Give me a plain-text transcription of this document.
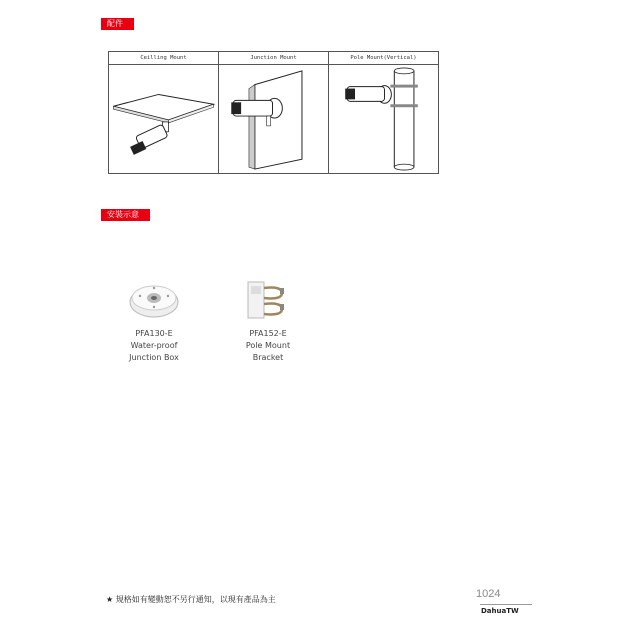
配件
Ceilling Mount	Junction Mount	Pole Mount(Vertical)
安裝示意圖
PFA130-E
Water-proof
Junction Box
PFA152-E
Pole Mount
Bracket
★ 規格如有變動恕不另行通知，以現有產品為主	1024
DahuaTW
